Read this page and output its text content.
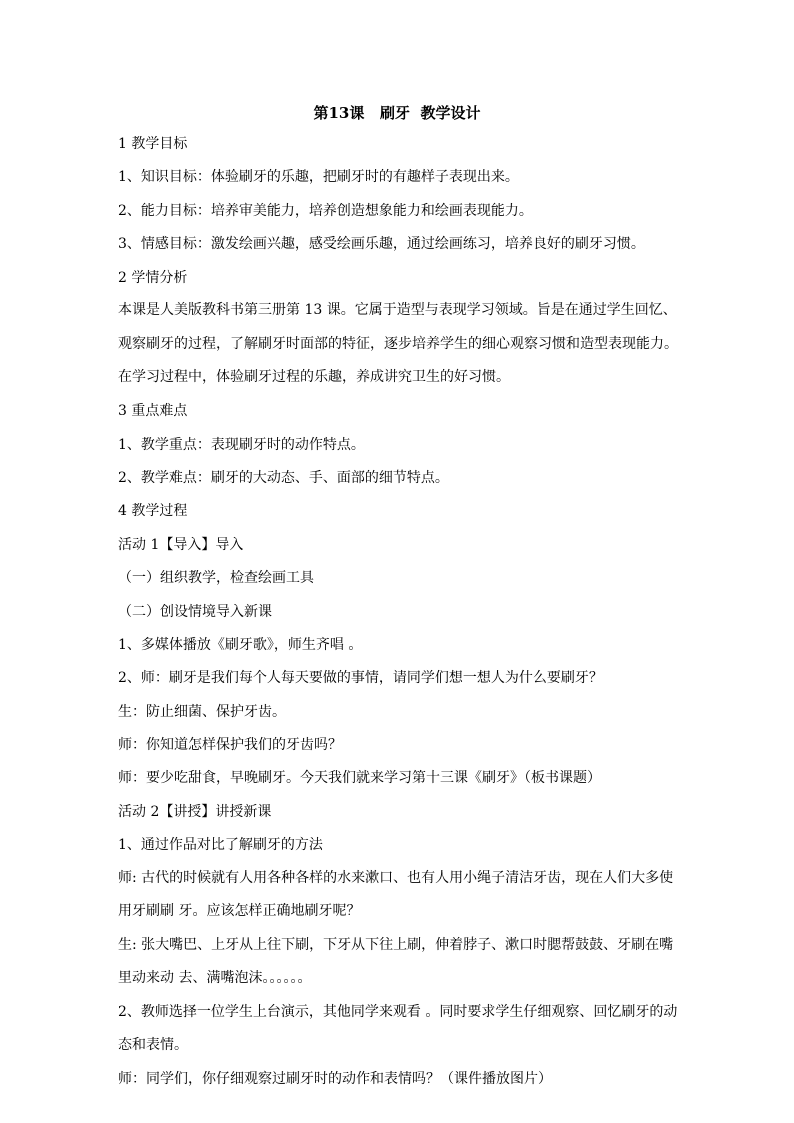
第13课   刷牙  教学设计
1 教学目标
1、知识目标：体验刷牙的乐趣，把刷牙时的有趣样子表现出来。
2、能力目标：培养审美能力，培养创造想象能力和绘画表现能力。
3、情感目标：激发绘画兴趣，感受绘画乐趣，通过绘画练习，培养良好的刷牙习惯。
2 学情分析
本课是人美版教科书第三册第 13 课。它属于造型与表现学习领域。旨是在通过学生回忆、观察刷牙的过程，了解刷牙时面部的特征，逐步培养学生的细心观察习惯和造型表现能力。在学习过程中，体验刷牙过程的乐趣，养成讲究卫生的好习惯。
3 重点难点
1、教学重点：表现刷牙时的动作特点。
2、教学难点：刷牙的大动态、手、面部的细节特点。
4 教学过程
活动 1【导入】导入
（一）组织教学，检查绘画工具
（二）创设情境导入新课
1、多媒体播放《刷牙歌》，师生齐唱 。
2、师：刷牙是我们每个人每天要做的事情，请同学们想一想人为什么要刷牙？
生：防止细菌、保护牙齿。
师：你知道怎样保护我们的牙齿吗？
师：要少吃甜食，早晚刷牙。今天我们就来学习第十三课《刷牙》（板书课题）
活动 2【讲授】讲授新课
1、通过作品对比了解刷牙的方法
师: 古代的时候就有人用各种各样的水来漱口、也有人用小绳子清洁牙齿，现在人们大多使用牙刷刷 牙。应该怎样正确地刷牙呢？
生: 张大嘴巴、上牙从上往下刷，下牙从下往上刷，伸着脖子、漱口时腮帮鼓鼓、牙刷在嘴里动来动 去、满嘴泡沫。。。。。。
2、教师选择一位学生上台演示，其他同学来观看 。同时要求学生仔细观察、回忆刷牙的动态和表情。
师：同学们，你仔细观察过刷牙时的动作和表情吗？（课件播放图片）
